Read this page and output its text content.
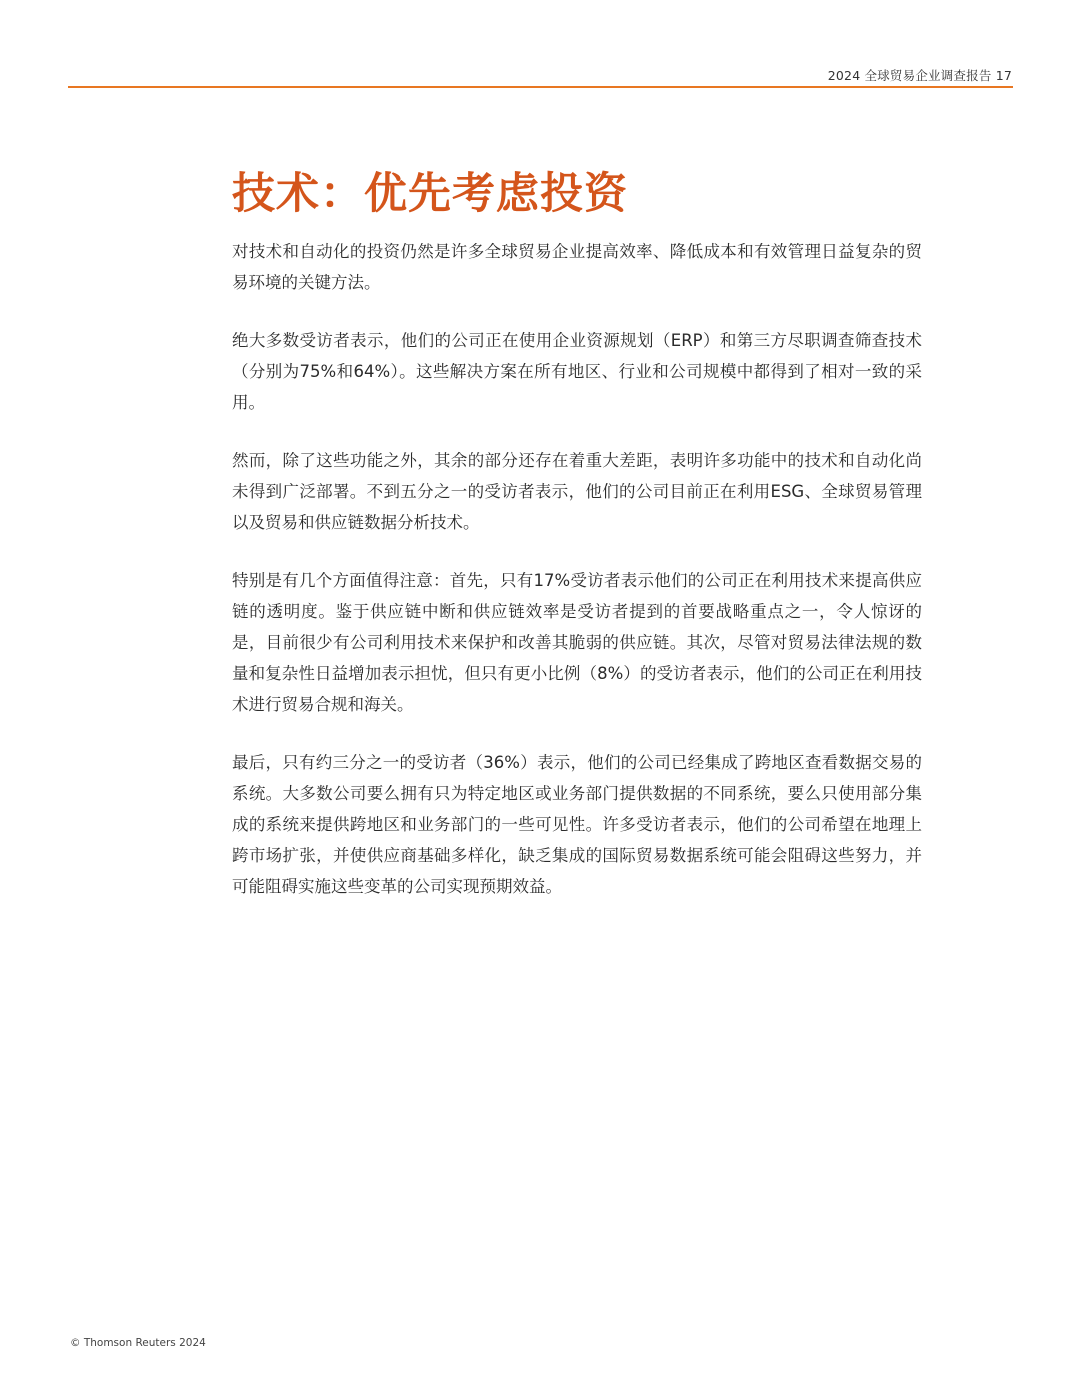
2024 全球贸易企业调查报告 17
技术：优先考虑投资

对技术和自动化的投资仍然是许多全球贸易企业提高效率、降低成本和有效管理日益复杂的贸易环境的关键方法。

绝大多数受访者表示，他们的公司正在使用企业资源规划（ERP）和第三方尽职调查筛查技术（分别为75%和64%）。这些解决方案在所有地区、行业和公司规模中都得到了相对一致的采用。

然而，除了这些功能之外，其余的部分还存在着重大差距，表明许多功能中的技术和自动化尚未得到广泛部署。不到五分之一的受访者表示，他们的公司目前正在利用ESG、全球贸易管理以及贸易和供应链数据分析技术。

特别是有几个方面值得注意：首先，只有17%受访者表示他们的公司正在利用技术来提高供应链的透明度。鉴于供应链中断和供应链效率是受访者提到的首要战略重点之一，令人惊讶的是，目前很少有公司利用技术来保护和改善其脆弱的供应链。其次，尽管对贸易法律法规的数量和复杂性日益增加表示担忧，但只有更小比例（8%）的受访者表示，他们的公司正在利用技术进行贸易合规和海关。

最后，只有约三分之一的受访者（36%）表示，他们的公司已经集成了跨地区查看数据交易的系统。大多数公司要么拥有只为特定地区或业务部门提供数据的不同系统，要么只使用部分集成的系统来提供跨地区和业务部门的一些可见性。许多受访者表示，他们的公司希望在地理上跨市场扩张，并使供应商基础多样化，缺乏集成的国际贸易数据系统可能会阻碍这些努力，并可能阻碍实施这些变革的公司实现预期效益。

© Thomson Reuters 2024
